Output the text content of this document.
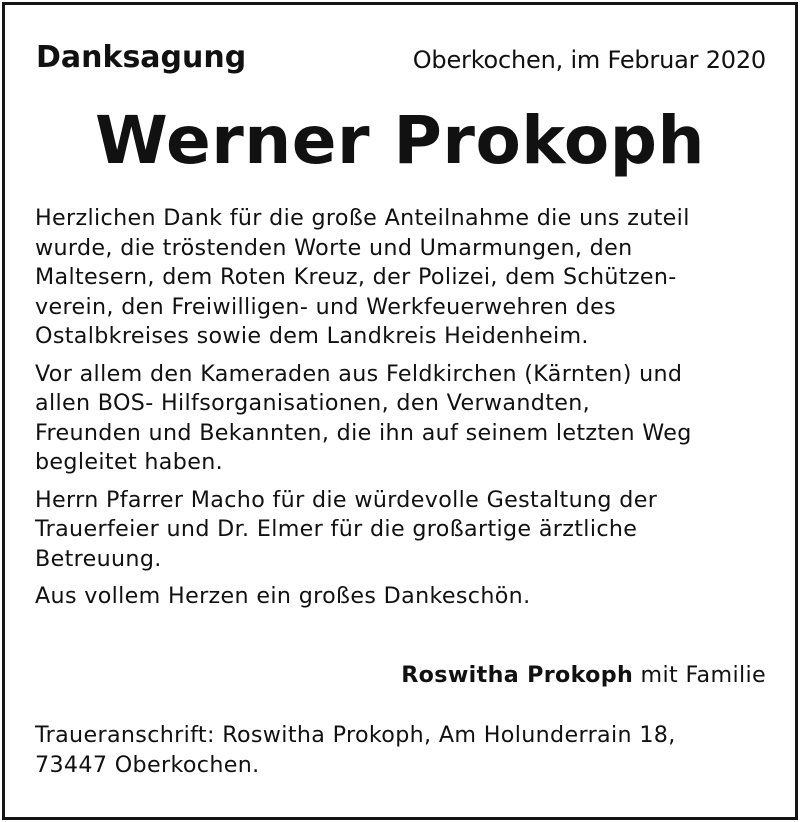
Danksagung	Oberkochen, im Februar 2020
Werner Prokoph

Herzlichen Dank für die große Anteilnahme die uns zuteil
wurde, die tröstenden Worte und Umarmungen, den
Maltesern, dem Roten Kreuz, der Polizei, dem Schützen-
verein, den Freiwilligen- und Werkfeuerwehren des
Ostalbkreises sowie dem Landkreis Heidenheim.

Vor allem den Kameraden aus Feldkirchen (Kärnten) und
allen BOS- Hilfsorganisationen, den Verwandten,
Freunden und Bekannten, die ihn auf seinem letzten Weg
begleitet haben.

Herrn Pfarrer Macho für die würdevolle Gestaltung der
Trauerfeier und Dr. Elmer für die großartige ärztliche
Betreuung.

Aus vollem Herzen ein großes Dankeschön.

Roswitha Prokoph mit Familie
Traueranschrift: Roswitha Prokoph, Am Holunderrain 18,
73447 Oberkochen.
